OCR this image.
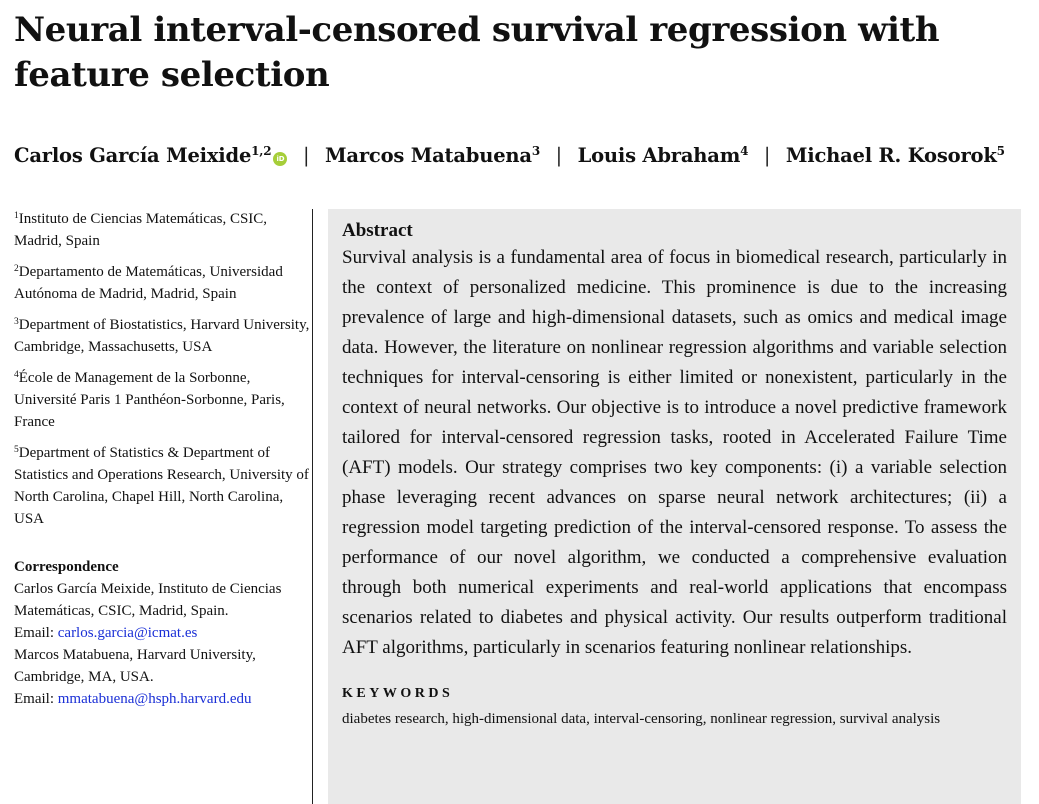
Neural interval-censored survival regression with feature selection
Carlos García Meixide$^{1,2}$iD | Marcos Matabuena$^3$ | Louis Abraham$^4$ | Michael R. Kosorok$^5$
$^1$Instituto de Ciencias Matemáticas, CSIC, Madrid, Spain
$^2$Departamento de Matemáticas, Universidad Autónoma de Madrid, Madrid, Spain
$^3$Department of Biostatistics, Harvard University, Cambridge, Massachusetts, USA
$^4$École de Management de la Sorbonne, Université Paris 1 Panthéon-Sorbonne, Paris, France
$^5$Department of Statistics & Department of Statistics and Operations Research, University of North Carolina, Chapel Hill, North Carolina, USA
Correspondence
Carlos García Meixide, Instituto de Ciencias Matemáticas, CSIC, Madrid, Spain.
Email: carlos.garcia@icmat.es
Marcos Matabuena, Harvard University, Cambridge, MA, USA.
Email: mmatabuena@hsph.harvard.edu
Abstract
Survival analysis is a fundamental area of focus in biomedical research, particularly in the context of personalized medicine. This prominence is due to the increasing prevalence of large and high-dimensional datasets, such as omics and medical image data. However, the literature on nonlinear regression algorithms and variable selection techniques for interval-censoring is either limited or nonexistent, particularly in the context of neural networks. Our objective is to introduce a novel predictive framework tailored for interval-censored regression tasks, rooted in Accelerated Failure Time (AFT) models. Our strategy comprises two key components: (i) a variable selection phase leveraging recent advances on sparse neural network architectures; (ii) a regression model targeting prediction of the interval-censored response. To assess the performance of our novel algorithm, we conducted a comprehensive evaluation through both numerical experiments and real-world applications that encompass scenarios related to diabetes and physical activity. Our results outperform traditional AFT algorithms, particularly in scenarios featuring nonlinear relationships.
KEYWORDS
diabetes research, high-dimensional data, interval-censoring, nonlinear regression, survival analysis
